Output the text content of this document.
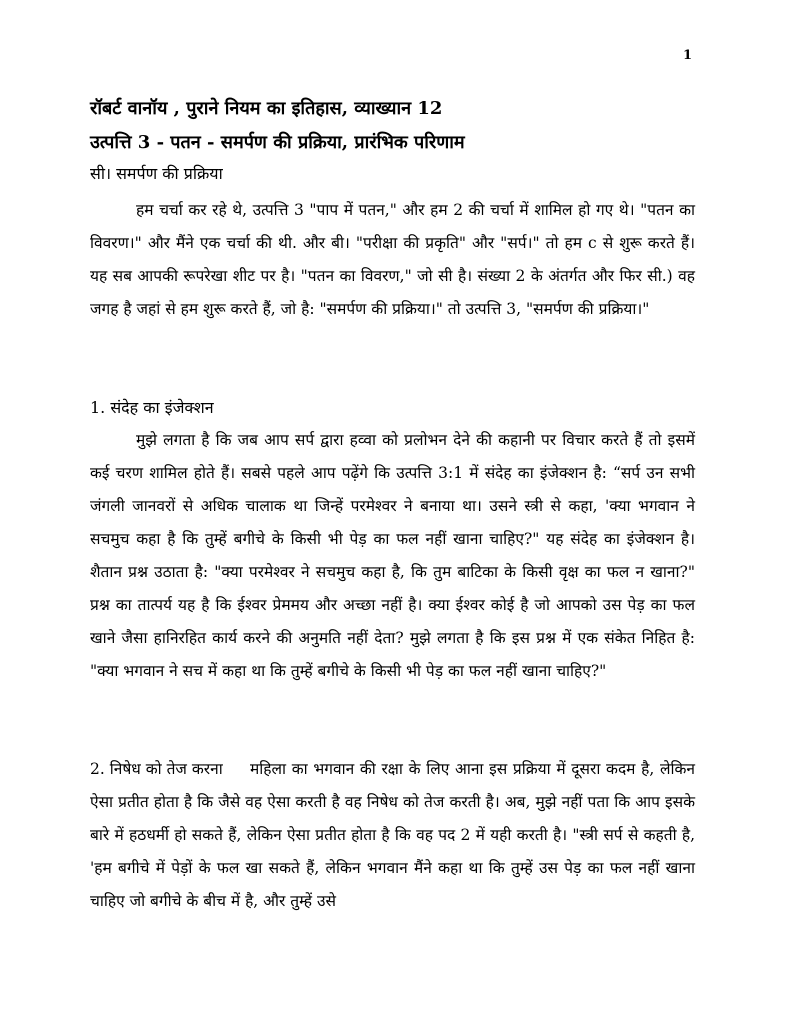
1
रॉबर्ट वानॉय , पुराने नियम का इतिहास, व्याख्यान 12
उत्पत्ति 3 - पतन - समर्पण की प्रक्रिया, प्रारंभिक परिणाम
सी। समर्पण की प्रक्रिया

हम चर्चा कर रहे थे, उत्पत्ति 3 "पाप में पतन," और हम 2 की चर्चा में शामिल हो गए थे। "पतन का विवरण।" और मैंने एक चर्चा की थी. और बी। "परीक्षा की प्रकृति" और "सर्प।" तो हम c से शुरू करते हैं। यह सब आपकी रूपरेखा शीट पर है। "पतन का विवरण," जो सी है। संख्या 2 के अंतर्गत और फिर सी.) वह जगह है जहां से हम शुरू करते हैं, जो है: "समर्पण की प्रक्रिया।" तो उत्पत्ति 3, "समर्पण की प्रक्रिया।"

1. संदेह का इंजेक्शन

मुझे लगता है कि जब आप सर्प द्वारा हव्वा को प्रलोभन देने की कहानी पर विचार करते हैं तो इसमें कई चरण शामिल होते हैं। सबसे पहले आप पढ़ेंगे कि उत्पत्ति 3:1 में संदेह का इंजेक्शन है: “सर्प उन सभी जंगली जानवरों से अधिक चालाक था जिन्हें परमेश्वर ने बनाया था। उसने स्त्री से कहा, 'क्या भगवान ने सचमुच कहा है कि तुम्हें बगीचे के किसी भी पेड़ का फल नहीं खाना चाहिए?" यह संदेह का इंजेक्शन है। शैतान प्रश्न उठाता है: "क्या परमेश्वर ने सचमुच कहा है, कि तुम बाटिका के किसी वृक्ष का फल न खाना?" प्रश्न का तात्पर्य यह है कि ईश्वर प्रेममय और अच्छा नहीं है। क्या ईश्वर कोई है जो आपको उस पेड़ का फल खाने जैसा हानिरहित कार्य करने की अनुमति नहीं देता? मुझे लगता है कि इस प्रश्न में एक संकेत निहित है: "क्या भगवान ने सच में कहा था कि तुम्हें बगीचे के किसी भी पेड़ का फल नहीं खाना चाहिए?"

2. निषेध को तेज करना महिला का भगवान की रक्षा के लिए आना इस प्रक्रिया में दूसरा कदम है, लेकिन ऐसा प्रतीत होता है कि जैसे वह ऐसा करती है वह निषेध को तेज करती है। अब, मुझे नहीं पता कि आप इसके बारे में हठधर्मी हो सकते हैं, लेकिन ऐसा प्रतीत होता है कि वह पद 2 में यही करती है। "स्त्री सर्प से कहती है, 'हम बगीचे में पेड़ों के फल खा सकते हैं, लेकिन भगवान मैंने कहा था कि तुम्हें उस पेड़ का फल नहीं खाना चाहिए जो बगीचे के बीच में है, और तुम्हें उसे
